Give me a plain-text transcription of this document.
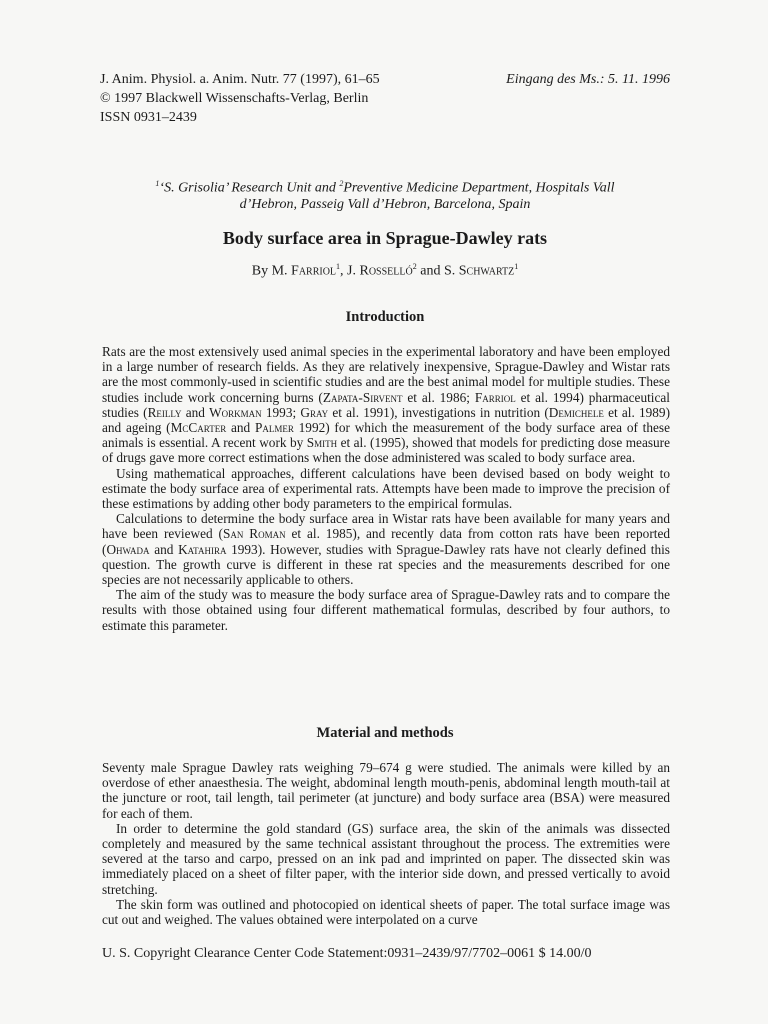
J. Anim. Physiol. a. Anim. Nutr. 77 (1997), 61–65
© 1997 Blackwell Wissenschafts-Verlag, Berlin
ISSN 0931–2439
Eingang des Ms.: 5. 11. 1996
$^1$‘S. Grisolia’ Research Unit and $^2$Preventive Medicine Department, Hospitals Vall
d’Hebron, Passeig Vall d’Hebron, Barcelona, Spain
Body surface area in Sprague-Dawley rats
By M. Farriol$^1$, J. Rosselló$^2$ and S. Schwartz$^1$
Introduction

Rats are the most extensively used animal species in the experimental laboratory and have been employed in a large number of research fields. As they are relatively inexpensive, Sprague-Dawley and Wistar rats are the most commonly-used in scientific studies and are the best animal model for multiple studies. These studies include work concerning burns (Zapata-Sirvent et al. 1986; Farriol et al. 1994) pharmaceutical studies (Reilly and Workman 1993; Gray et al. 1991), investigations in nutrition (Demichele et al. 1989) and ageing (McCarter and Palmer 1992) for which the measurement of the body surface area of these animals is essential. A recent work by Smith et al. (1995), showed that models for predicting dose measure of drugs gave more correct estimations when the dose administered was scaled to body surface area.

Using mathematical approaches, different calculations have been devised based on body weight to estimate the body surface area of experimental rats. Attempts have been made to improve the precision of these estimations by adding other body parameters to the empirical formulas.

Calculations to determine the body surface area in Wistar rats have been available for many years and have been reviewed (San Roman et al. 1985), and recently data from cotton rats have been reported (Ohwada and Katahira 1993). However, studies with Sprague-Dawley rats have not clearly defined this question. The growth curve is different in these rat species and the measurements described for one species are not necessarily applicable to others.

The aim of the study was to measure the body surface area of Sprague-Dawley rats and to compare the results with those obtained using four different mathematical formulas, described by four authors, to estimate this parameter.

Material and methods

Seventy male Sprague Dawley rats weighing 79–674 g were studied. The animals were killed by an overdose of ether anaesthesia. The weight, abdominal length mouth-penis, abdominal length mouth-tail at the juncture or root, tail length, tail perimeter (at juncture) and body surface area (BSA) were measured for each of them.

In order to determine the gold standard (GS) surface area, the skin of the animals was dissected completely and measured by the same technical assistant throughout the process. The extremities were severed at the tarso and carpo, pressed on an ink pad and imprinted on paper. The dissected skin was immediately placed on a sheet of filter paper, with the interior side down, and pressed vertically to avoid stretching.

The skin form was outlined and photocopied on identical sheets of paper. The total surface image was cut out and weighed. The values obtained were interpolated on a curve

U. S. Copyright Clearance Center Code Statement:0931–2439/97/7702–0061 $ 14.00/0
